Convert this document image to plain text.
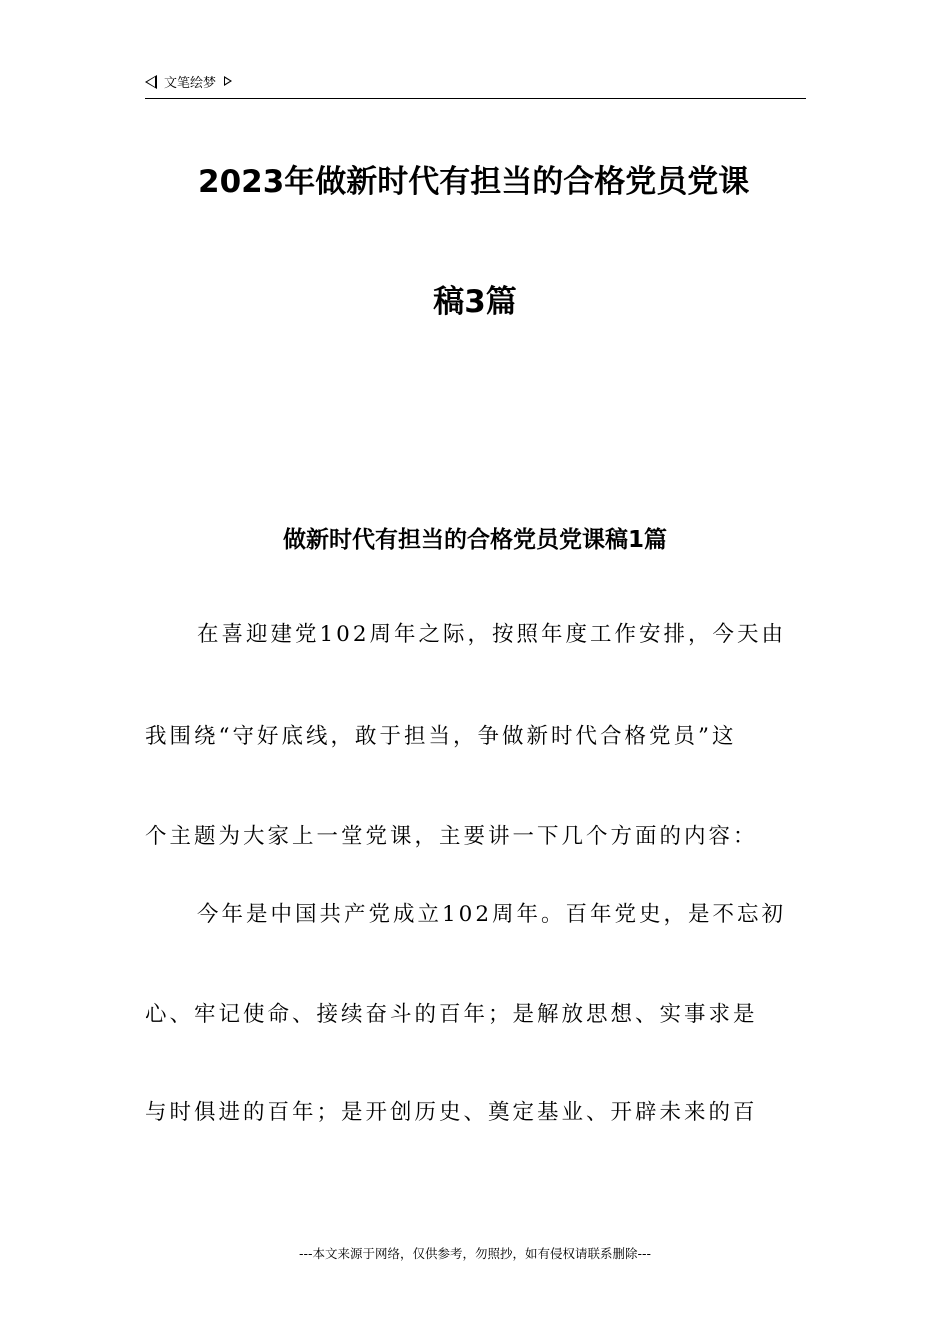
文笔绘梦
2023年做新时代有担当的合格党员党课
稿3篇
做新时代有担当的合格党员党课稿1篇
在喜迎建党102周年之际，按照年度工作安排，今天由
我围绕“守好底线，敢于担当，争做新时代合格党员”这
个主题为大家上一堂党课，主要讲一下几个方面的内容：
今年是中国共产党成立102周年。百年党史，是不忘初
心、牢记使命、接续奋斗的百年；是解放思想、实事求是
与时俱进的百年；是开创历史、奠定基业、开辟未来的百
---本文来源于网络，仅供参考，勿照抄，如有侵权请联系删除---
